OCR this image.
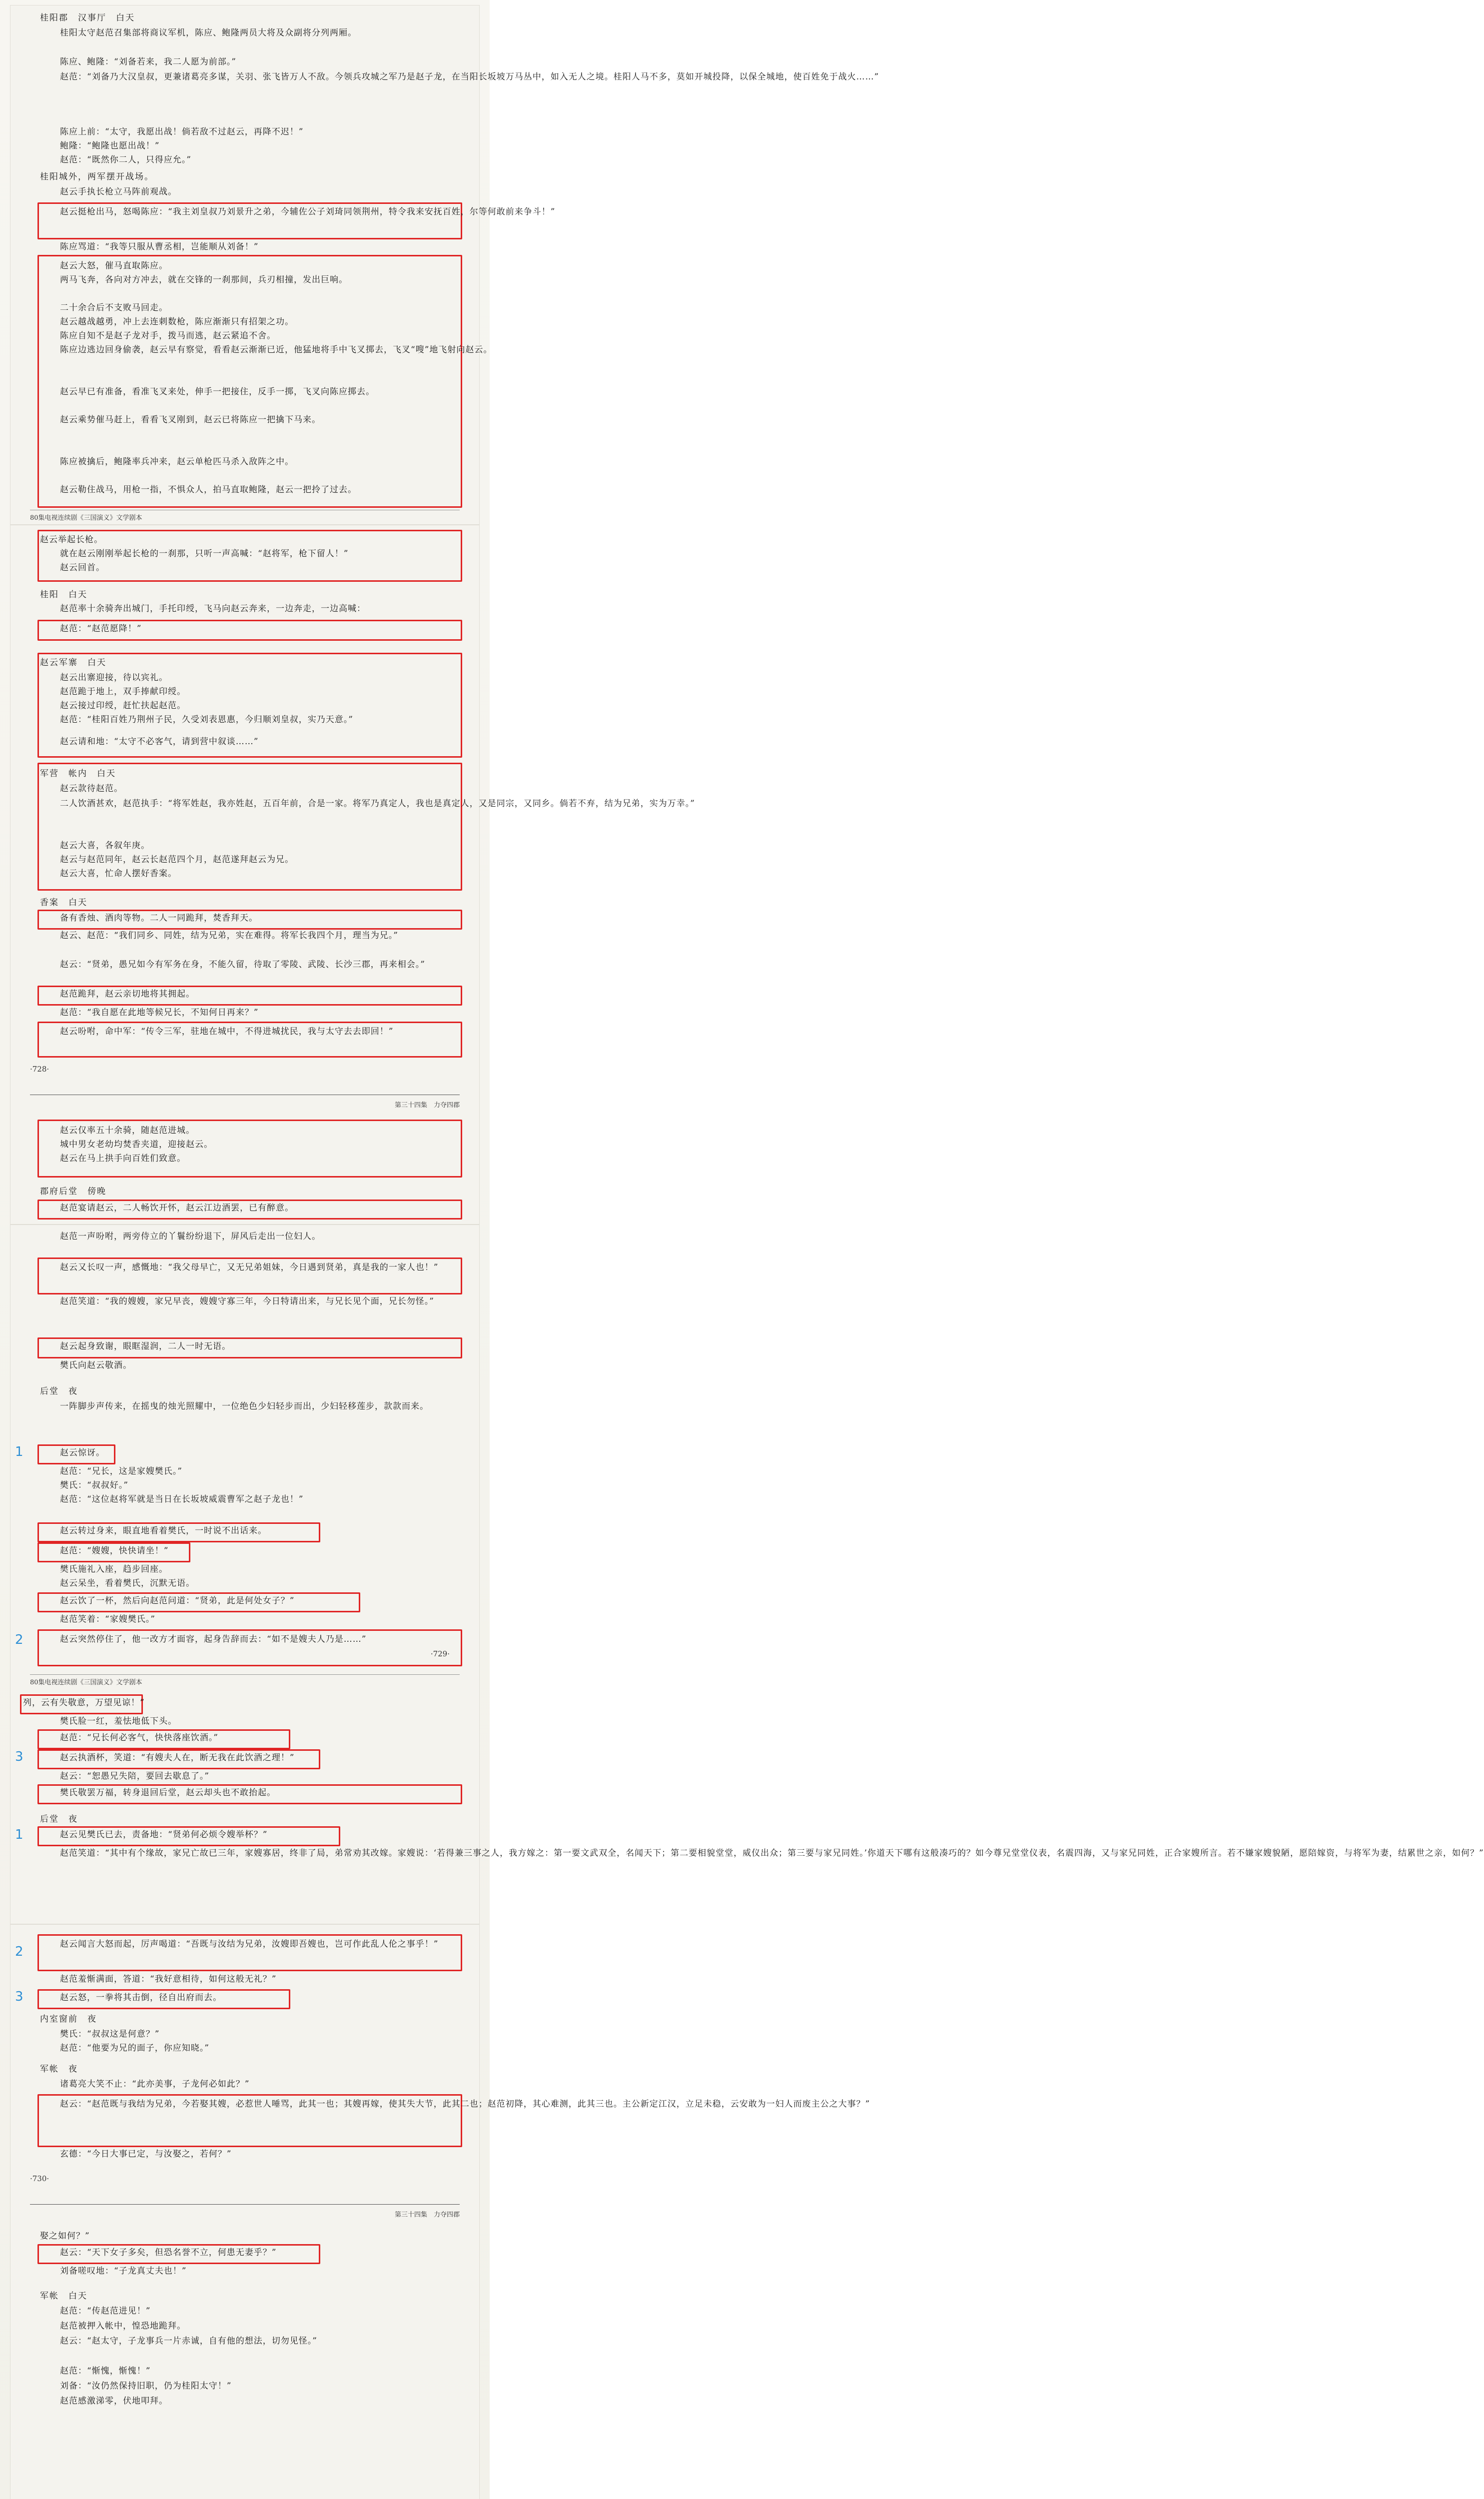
桂阳郡　汉事厅　白天
桂阳太守赵范召集部将商议军机，陈应、鲍隆两员大将及众副将分列两厢。
陈应、鲍隆：“刘备若来，我二人愿为前部。”
赵范：“刘备乃大汉皇叔，更兼诸葛亮多谋，关羽、张飞皆万人不敌。今领兵攻城之军乃是赵子龙，在当阳长坂坡万马丛中，如入无人之境。桂阳人马不多，莫如开城投降，以保全城地，使百姓免于战火……”
陈应上前：“太守，我愿出战！倘若敌不过赵云，再降不迟！”
鲍隆：“鲍隆也愿出战！”
赵范：“既然你二人，只得应允。”
桂阳城外，两军摆开战场。
赵云手执长枪立马阵前观战。
赵云挺枪出马，怒喝陈应：“我主刘皇叔乃刘景升之弟，今辅佐公子刘琦同领荆州，特令我来安抚百姓，尔等何敢前来争斗！”
陈应骂道：“我等只服从曹丞相，岂能顺从刘备！”
赵云大怒，催马直取陈应。
两马飞奔，各向对方冲去，就在交锋的一刹那间，兵刃相撞，发出巨响。
二十余合后不支败马回走。
赵云越战越勇，冲上去连刺数枪，陈应渐渐只有招架之功。
陈应自知不是赵子龙对手，拨马而逃，赵云紧追不舍。
陈应边逃边回身偷袭，赵云早有察觉，看看赵云渐渐已近，他猛地将手中飞叉掷去，飞叉“嗖”地飞射向赵云。
赵云早已有准备，看准飞叉来处，伸手一把接住，反手一掷，飞叉向陈应掷去。
赵云乘势催马赶上，看看飞叉刚到，赵云已将陈应一把擒下马来。
陈应被擒后，鲍隆率兵冲来，赵云单枪匹马杀入敌阵之中。
赵云勒住战马，用枪一指，不惧众人，拍马直取鲍隆，赵云一把拎了过去。
80集电视连续剧《三国演义》文学剧本
赵云举起长枪。
就在赵云刚刚举起长枪的一刹那，只听一声高喊：“赵将军，枪下留人！”
赵云回首。
桂阳　白天
赵范率十余骑奔出城门，手托印绶，飞马向赵云奔来，一边奔走，一边高喊：
赵范：“赵范愿降！”
赵云军寨　白天
赵云出寨迎接，待以宾礼。
赵范跪于地上，双手捧献印绶。
赵云接过印绶，赶忙扶起赵范。
赵范：“桂阳百姓乃荆州子民，久受刘表恩惠，今归顺刘皇叔，实乃天意。”
赵云请和地：“太守不必客气，请到营中叙谈……”
军营　帐内　白天
赵云款待赵范。
二人饮酒甚欢，赵范执手：“将军姓赵，我亦姓赵，五百年前，合是一家。将军乃真定人，我也是真定人，又是同宗，又同乡。倘若不弃，结为兄弟，实为万幸。”
赵云大喜，各叙年庚。
赵云与赵范同年，赵云长赵范四个月，赵范遂拜赵云为兄。
赵云大喜，忙命人摆好香案。
香案　白天
备有香烛、酒肉等物。二人一同跪拜，焚香拜天。
赵云、赵范：“我们同乡、同姓，结为兄弟，实在难得。将军长我四个月，理当为兄。”
赵云：“贤弟，愚兄如今有军务在身，不能久留，待取了零陵、武陵、长沙三郡，再来相会。”
赵范跪拜，赵云亲切地将其拥起。
赵范：“我自愿在此地等候兄长，不知何日再来？”
赵云吩咐，命中军：“传令三军，驻地在城中，不得进城扰民，我与太守去去即回！”
·728·
第三十四集　力夺四郡
赵云仅率五十余骑，随赵范进城。
城中男女老幼均焚香夹道，迎接赵云。
赵云在马上拱手向百姓们致意。
郡府后堂　傍晚
赵范宴请赵云，二人畅饮开怀，赵云江边酒罢，已有醉意。
赵范一声吩咐，两旁侍立的丫鬟纷纷退下，屏风后走出一位妇人。
赵云又长叹一声，感慨地：“我父母早亡，又无兄弟姐妹，今日遇到贤弟，真是我的一家人也！”
赵范笑道：“我的嫂嫂，家兄早丧，嫂嫂守寡三年，今日特请出来，与兄长见个面，兄长勿怪。”
赵云起身致谢，眼眶湿润，二人一时无语。
樊氏向赵云敬酒。
后堂　夜
一阵脚步声传来，在摇曳的烛光照耀中，一位绝色少妇轻步而出，少妇轻移莲步，款款而来。
1	赵云惊讶。
赵范：“兄长，这是家嫂樊氏。”
樊氏：“叔叔好。”
赵范：“这位赵将军就是当日在长坂坡威震曹军之赵子龙也！”
赵云转过身来，眼直地看着樊氏，一时说不出话来。
赵范：“嫂嫂，快快请坐！”
樊氏施礼入座，趋步回座。
赵云呆坐，看着樊氏，沉默无语。
赵云饮了一杯，然后向赵范问道：“贤弟，此是何处女子？”
赵范笑着：“家嫂樊氏。”
2	赵云突然停住了，他一改方才面容，起身告辞而去：“如不是嫂夫人乃是……”
·729·
80集电视连续剧《三国演义》文学剧本
列，云有失敬意，万望见谅！”
樊氏脸一红，羞怯地低下头。
赵范：“兄长何必客气，快快落座饮酒。”
3	赵云执酒杯，笑道：“有嫂夫人在，断无我在此饮酒之理！”
赵云：“恕愚兄失陪，要回去歇息了。”
樊氏敬罢万福，转身退回后堂，赵云却头也不敢抬起。
后堂　夜
1	赵云见樊氏已去，责备地：“贤弟何必烦令嫂举杯？”
赵范笑道：“其中有个缘故，家兄亡故已三年，家嫂寡居，终非了局，弟常劝其改嫁。家嫂说：‘若得兼三事之人，我方嫁之：第一要文武双全，名闻天下；第二要相貌堂堂，威仪出众；第三要与家兄同姓。’你道天下哪有这般凑巧的？如今尊兄堂堂仪表，名震四海，又与家兄同姓，正合家嫂所言。若不嫌家嫂貌陋，愿陪嫁资，与将军为妻，结累世之亲，如何？”
2	赵云闻言大怒而起，厉声喝道：“吾既与汝结为兄弟，汝嫂即吾嫂也，岂可作此乱人伦之事乎！”
赵范羞惭满面，答道：“我好意相待，如何这般无礼？”
3	赵云怒，一拳将其击倒，径自出府而去。
内室窗前　夜
樊氏：“叔叔这是何意？”
赵范：“他要为兄的面子，你应知晓。”
军帐　夜
诸葛亮大笑不止：“此亦美事，子龙何必如此？”
赵云：“赵范既与我结为兄弟，今若娶其嫂，必惹世人唾骂，此其一也；其嫂再嫁，使其失大节，此其二也；赵范初降，其心难测，此其三也。主公新定江汉，立足未稳，云安敢为一妇人而废主公之大事？”
玄德：“今日大事已定，与汝娶之，若何？”
·730·
第三十四集　力夺四郡
娶之如何？”
赵云：“天下女子多矣，但恐名誉不立，何患无妻乎？”
刘备嗟叹地：“子龙真丈夫也！”
军帐　白天
赵范：“传赵范进见！”
赵范被押入帐中，惶恐地跪拜。
赵云：“赵太守，子龙事兵一片赤诚，自有他的想法，切勿见怪。”
赵范：“惭愧，惭愧！”
刘备：“汝仍然保持旧职，仍为桂阳太守！”
赵范感激涕零，伏地叩拜。
